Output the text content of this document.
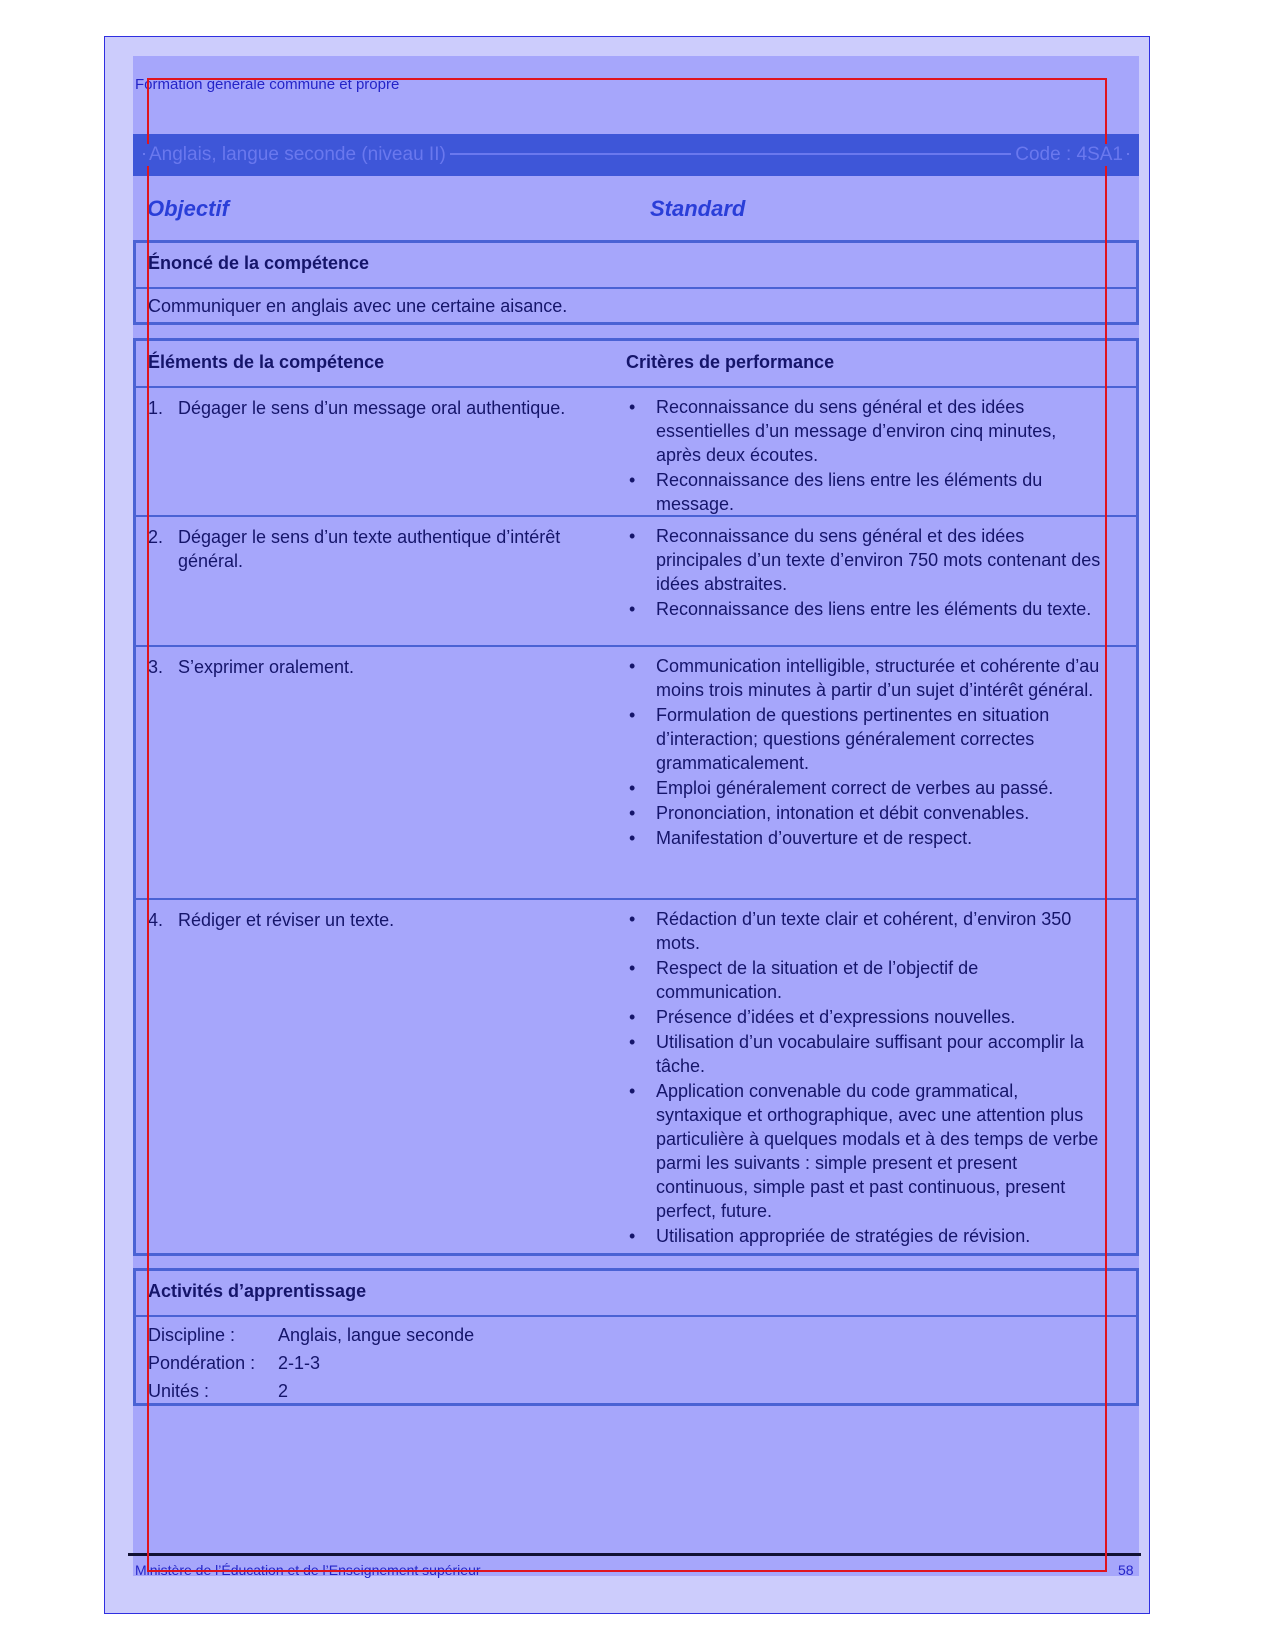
Formation générale commune et propre
Anglais, langue seconde (niveau II)	Code : 4SA1
Objectif	Standard
Énoncé de la compétence
Communiquer en anglais avec une certaine aisance.
Éléments de la compétence	Critères de performance
1. Dégager le sens d’un message oral authentique.	•	Reconnaissance du sens général et des idées essentielles d’un message d’environ cinq minutes, après deux écoutes.
•	Reconnaissance des liens entre les éléments du message.
2. Dégager le sens d’un texte authentique d’intérêt général.
•	Reconnaissance du sens général et des idées principales d’un texte d’environ 750 mots contenant des idées abstraites.
•	Reconnaissance des liens entre les éléments du texte.
3. S’exprimer oralement.	•	Communication intelligible, structurée et cohérente d’au moins trois minutes à partir d’un sujet d’intérêt général.
•	Formulation de questions pertinentes en situation d’interaction; questions généralement correctes grammaticalement.
•	Emploi généralement correct de verbes au passé.
•	Prononciation, intonation et débit convenables.
•	Manifestation d’ouverture et de respect.
4. Rédiger et réviser un texte.	•	Rédaction d’un texte clair et cohérent, d’environ 350 mots.
•	Respect de la situation et de l’objectif de communication.
•	Présence d’idées et d’expressions nouvelles.
•	Utilisation d’un vocabulaire suffisant pour accomplir la tâche.
•	Application convenable du code grammatical, syntaxique et orthographique, avec une attention plus particulière à quelques modals et à des temps de verbe parmi les suivants : simple present et present continuous, simple past et past continuous, present perfect, future.
•	Utilisation appropriée de stratégies de révision.
Activités d’apprentissage
Discipline :	Anglais, langue seconde
Pondération :	2-1-3
Unités :	2
Ministère de l’Éducation et de l’Enseignement supérieur	58
